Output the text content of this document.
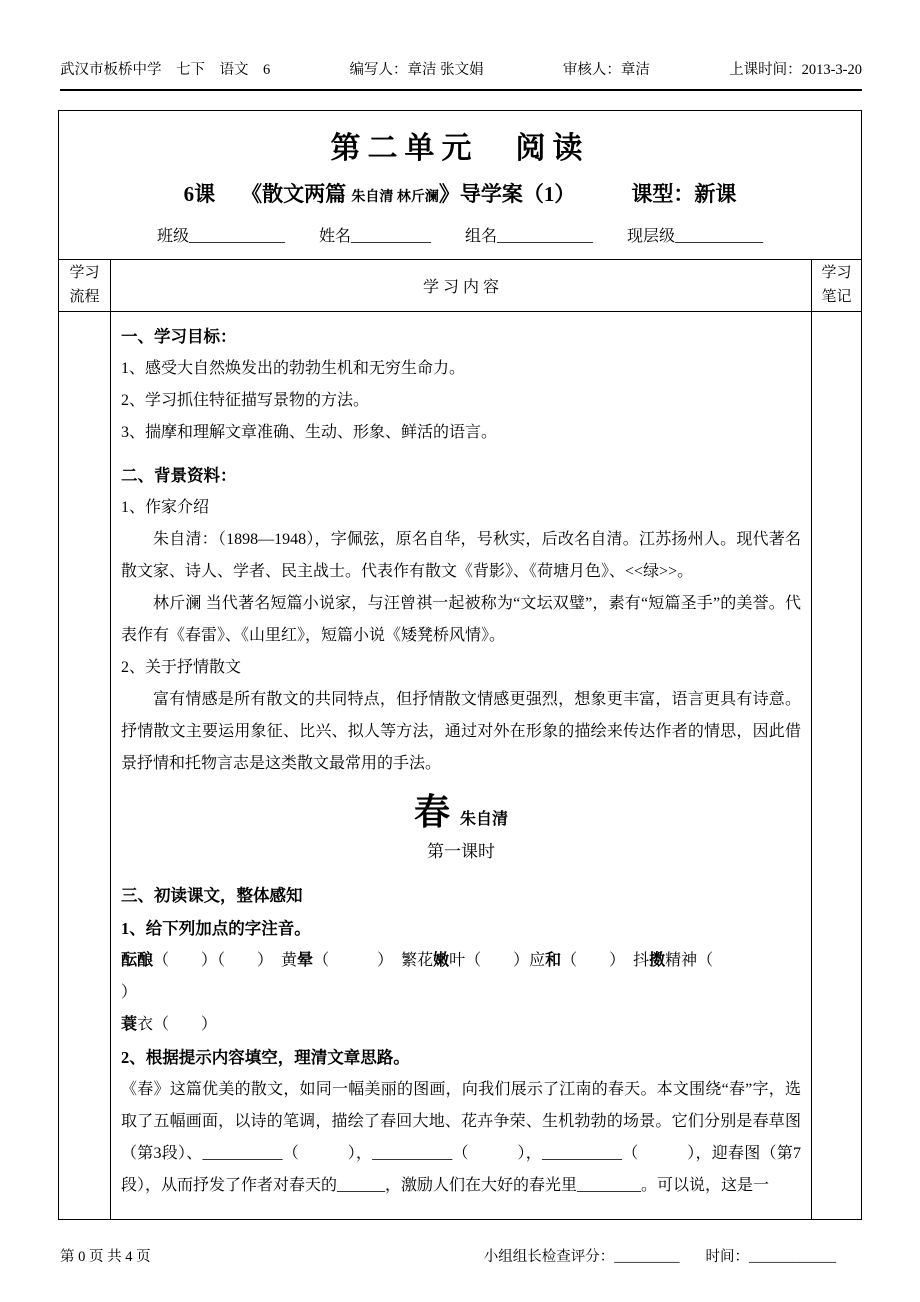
武汉市板桥中学　七下　语文　6	编写人：章洁 张文娟	审核人：章洁	上课时间：2013-3-20
第二单元　阅读
6课 《散文两篇 朱自清 林斤澜》导学案（1）	课型：新课
班级____________ 姓名__________ 组名____________ 现层级___________
学习
流程
学 习 内 容
学习
笔记

一、学习目标：

1、感受大自然焕发出的勃勃生机和无穷生命力。

2、学习抓住特征描写景物的方法。

3、揣摩和理解文章准确、生动、形象、鲜活的语言。

二、背景资料：

1、作家介绍

朱自清：（1898—1948），字佩弦，原名自华，号秋实，后改名自清。江苏扬州人。现代著名散文家、诗人、学者、民主战士。代表作有散文《背影》、《荷塘月色》、<<绿>>。

林斤澜 当代著名短篇小说家，与汪曾祺一起被称为“文坛双璧”，素有“短篇圣手”的美誉。代表作有《春雷》、《山里红》，短篇小说《矮凳桥风情》。

2、关于抒情散文

富有情感是所有散文的共同特点，但抒情散文情感更强烈，想象更丰富，语言更具有诗意。抒情散文主要运用象征、比兴、拟人等方法，通过对外在形象的描绘来传达作者的情思，因此借景抒情和托物言志是这类散文最常用的手法。

春朱自清

第一课时

三、初读课文，整体感知

1、给下列加点的字注音。

酝酿（　　）（　　）　黄晕（　　　）　繁花嫩叶（　　）应和（　　）　抖擞精神（
）

蓑衣（　　）

2、根据提示内容填空，理清文章思路。

《春》这篇优美的散文，如同一幅美丽的图画，向我们展示了江南的春天。本文围绕“春”字，选取了五幅画面，以诗的笔调，描绘了春回大地、花卉争荣、生机勃勃的场景。它们分别是春草图（第3段）、__________（　　　），__________（　　　），__________（　　　），迎春图（第7段），从而抒发了作者对春天的______，激励人们在大好的春光里________。可以说，这是一

第 0 页 共 4 页	小组组长检查评分：_________ 时间：____________
